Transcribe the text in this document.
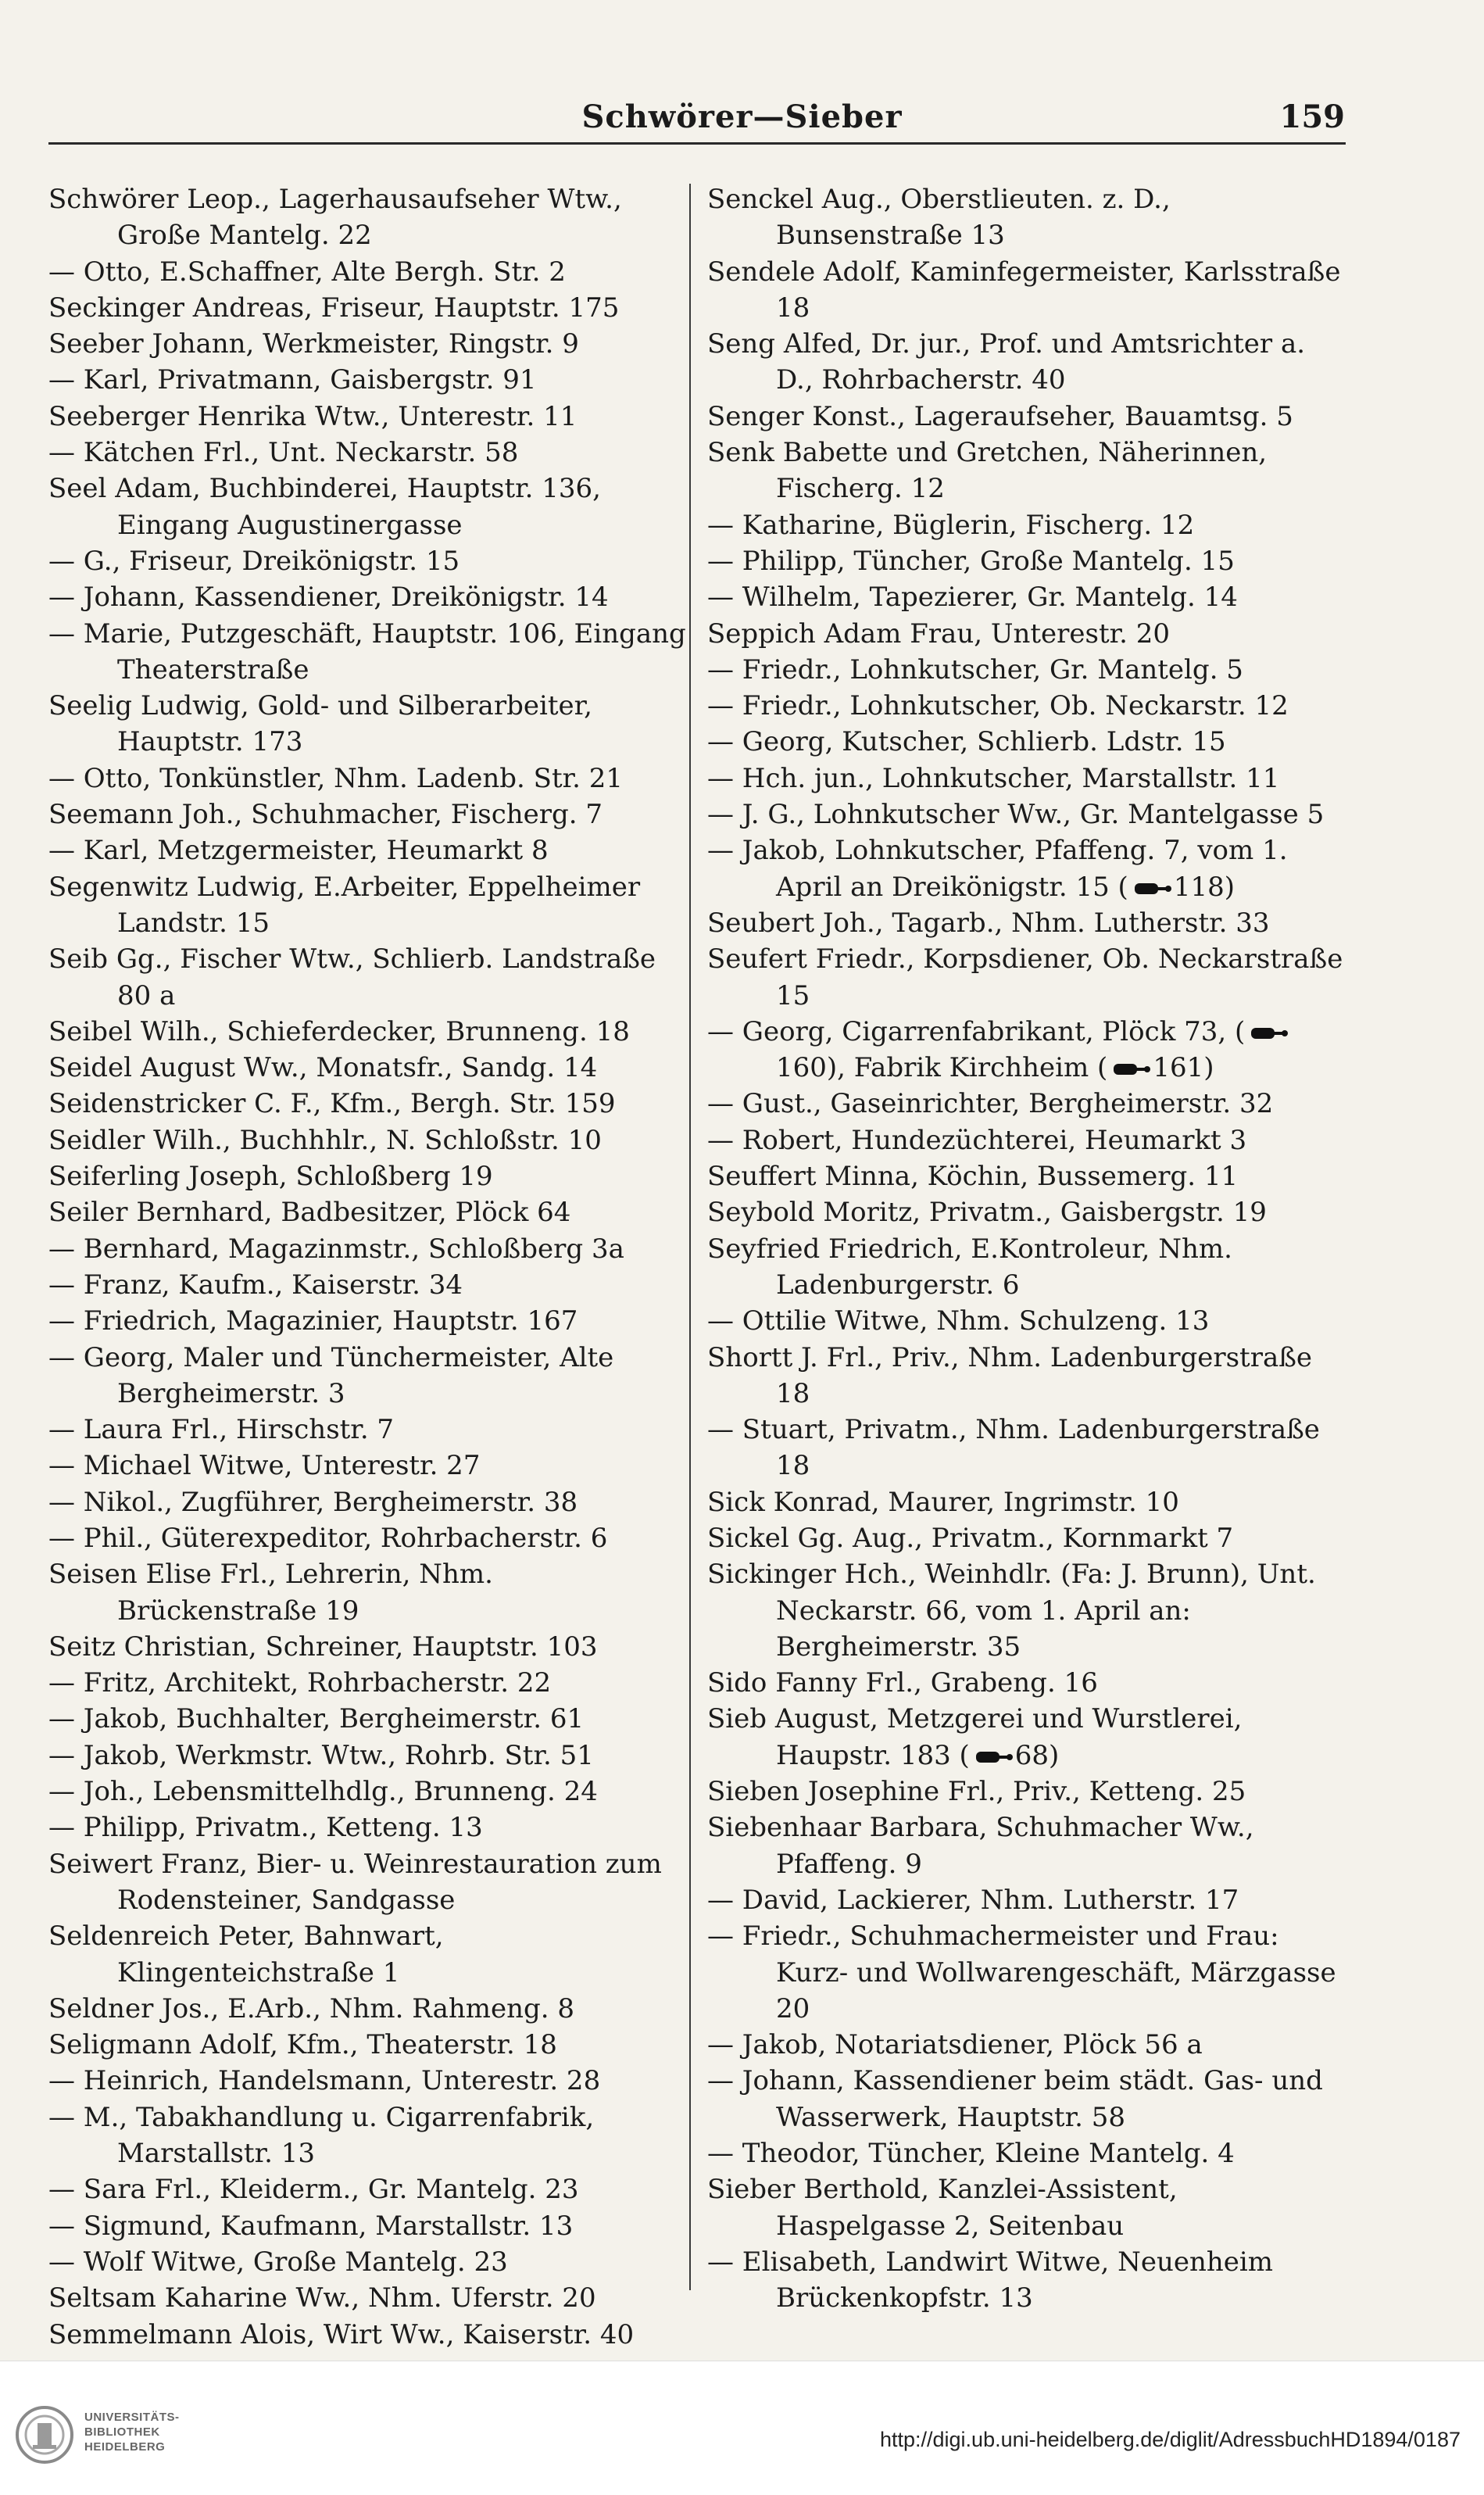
Schwörer—Sieber	159

Schwörer Leop., Lagerhausaufseher Wtw., Große Mantelg. 22

— Otto, E.Schaffner, Alte Bergh. Str. 2

Seckinger Andreas, Friseur, Hauptstr. 175

Seeber Johann, Werkmeister, Ringstr. 9

— Karl, Privatmann, Gaisbergstr. 91

Seeberger Henrika Wtw., Unterestr. 11

— Kätchen Frl., Unt. Neckarstr. 58

Seel Adam, Buchbinderei, Hauptstr. 136, Eingang Augustinergasse

— G., Friseur, Dreikönigstr. 15

— Johann, Kassendiener, Dreikönigstr. 14

— Marie, Putzgeschäft, Hauptstr. 106, Eingang Theaterstraße

Seelig Ludwig, Gold- und Silberarbeiter, Hauptstr. 173

— Otto, Tonkünstler, Nhm. Ladenb. Str. 21

Seemann Joh., Schuhmacher, Fischerg. 7

— Karl, Metzgermeister, Heumarkt 8

Segenwitz Ludwig, E.Arbeiter, Eppelheimer Landstr. 15

Seib Gg., Fischer Wtw., Schlierb. Landstraße 80 a

Seibel Wilh., Schieferdecker, Brunneng. 18

Seidel August Ww., Monatsfr., Sandg. 14

Seidenstricker C. F., Kfm., Bergh. Str. 159

Seidler Wilh., Buchhhlr., N. Schloßstr. 10

Seiferling Joseph, Schloßberg 19

Seiler Bernhard, Badbesitzer, Plöck 64

— Bernhard, Magazinmstr., Schloßberg 3a

— Franz, Kaufm., Kaiserstr. 34

— Friedrich, Magazinier, Hauptstr. 167

— Georg, Maler und Tünchermeister, Alte Bergheimerstr. 3

— Laura Frl., Hirschstr. 7

— Michael Witwe, Unterestr. 27

— Nikol., Zugführer, Bergheimerstr. 38

— Phil., Güterexpeditor, Rohrbacherstr. 6

Seisen Elise Frl., Lehrerin, Nhm. Brückenstraße 19

Seitz Christian, Schreiner, Hauptstr. 103

— Fritz, Architekt, Rohrbacherstr. 22

— Jakob, Buchhalter, Bergheimerstr. 61

— Jakob, Werkmstr. Wtw., Rohrb. Str. 51

— Joh., Lebensmittelhdlg., Brunneng. 24

— Philipp, Privatm., Ketteng. 13

Seiwert Franz, Bier- u. Weinrestauration zum Rodensteiner, Sandgasse

Seldenreich Peter, Bahnwart, Klingenteichstraße 1

Seldner Jos., E.Arb., Nhm. Rahmeng. 8

Seligmann Adolf, Kfm., Theaterstr. 18

— Heinrich, Handelsmann, Unterestr. 28

— M., Tabakhandlung u. Cigarrenfabrik, Marstallstr. 13

— Sara Frl., Kleiderm., Gr. Mantelg. 23

— Sigmund, Kaufmann, Marstallstr. 13

— Wolf Witwe, Große Mantelg. 23

Seltsam Kaharine Ww., Nhm. Uferstr. 20

Semmelmann Alois, Wirt Ww., Kaiserstr. 40

Senckel Aug., Oberstlieuten. z. D., Bunsenstraße 13

Sendele Adolf, Kaminfegermeister, Karlsstraße 18

Seng Alfed, Dr. jur., Prof. und Amtsrichter a. D., Rohrbacherstr. 40

Senger Konst., Lageraufseher, Bauamtsg. 5

Senk Babette und Gretchen, Näherinnen, Fischerg. 12

— Katharine, Büglerin, Fischerg. 12

— Philipp, Tüncher, Große Mantelg. 15

— Wilhelm, Tapezierer, Gr. Mantelg. 14

Seppich Adam Frau, Unterestr. 20

— Friedr., Lohnkutscher, Gr. Mantelg. 5

— Friedr., Lohnkutscher, Ob. Neckarstr. 12

— Georg, Kutscher, Schlierb. Ldstr. 15

— Hch. jun., Lohnkutscher, Marstallstr. 11

— J. G., Lohnkutscher Ww., Gr. Mantelgasse 5

— Jakob, Lohnkutscher, Pfaffeng. 7, vom 1. April an Dreikönigstr. 15 ( 118)

Seubert Joh., Tagarb., Nhm. Lutherstr. 33

Seufert Friedr., Korpsdiener, Ob. Neckarstraße 15

— Georg, Cigarrenfabrikant, Plöck 73, (160), Fabrik Kirchheim ( 161)

— Gust., Gaseinrichter, Bergheimerstr. 32

— Robert, Hundezüchterei, Heumarkt 3

Seuffert Minna, Köchin, Bussemerg. 11

Seybold Moritz, Privatm., Gaisbergstr. 19

Seyfried Friedrich, E.Kontroleur, Nhm. Ladenburgerstr. 6

— Ottilie Witwe, Nhm. Schulzeng. 13

Shortt J. Frl., Priv., Nhm. Ladenburgerstraße 18

— Stuart, Privatm., Nhm. Ladenburgerstraße 18

Sick Konrad, Maurer, Ingrimstr. 10

Sickel Gg. Aug., Privatm., Kornmarkt 7

Sickinger Hch., Weinhdlr. (Fa: J. Brunn), Unt. Neckarstr. 66, vom 1. April an: Bergheimerstr. 35

Sido Fanny Frl., Grabeng. 16

Sieb August, Metzgerei und Wurstlerei, Haupstr. 183 ( 68)

Sieben Josephine Frl., Priv., Ketteng. 25

Siebenhaar Barbara, Schuhmacher Ww., Pfaffeng. 9

— David, Lackierer, Nhm. Lutherstr. 17

— Friedr., Schuhmachermeister und Frau: Kurz- und Wollwarengeschäft, Märzgasse 20

— Jakob, Notariatsdiener, Plöck 56 a

— Johann, Kassendiener beim städt. Gas- und Wasserwerk, Hauptstr. 58

— Theodor, Tüncher, Kleine Mantelg. 4

Sieber Berthold, Kanzlei-Assistent, Haspelgasse 2, Seitenbau

— Elisabeth, Landwirt Witwe, Neuenheim Brückenkopfstr. 13

UNIVERSITÄTS-
BIBLIOTHEK
HEIDELBERG	http://digi.ub.uni-heidelberg.de/diglit/AdressbuchHD1894/0187
